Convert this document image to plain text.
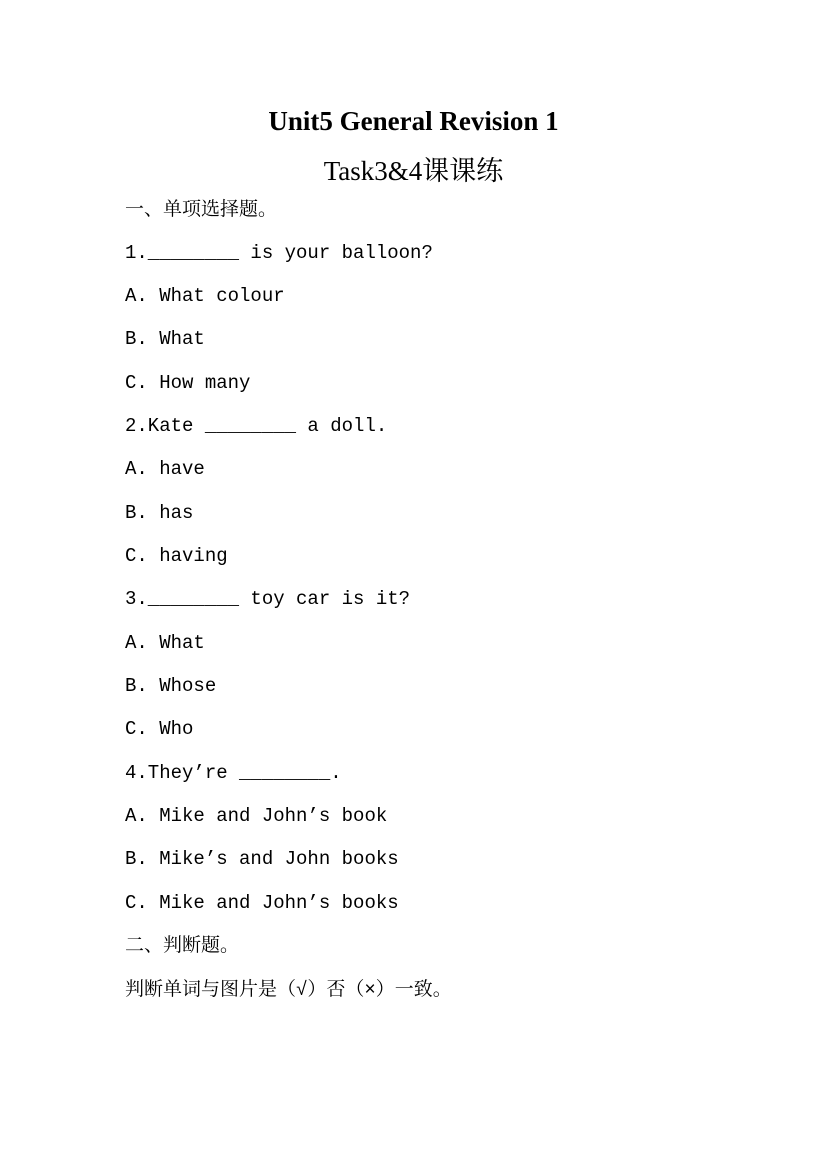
Unit5 General Revision 1
Task3&4课课练
一、单项选择题。
1.________ is your balloon?
A. What colour
B. What
C. How many
2.Kate ________ a doll.
A. have
B. has
C. having
3.________ toy car is it?
A. What
B. Whose
C. Who
4.They’re ________.
A. Mike and John’s book
B. Mike’s and John books
C. Mike and John’s books
二、判断题。
判断单词与图片是（√）否（×）一致。
